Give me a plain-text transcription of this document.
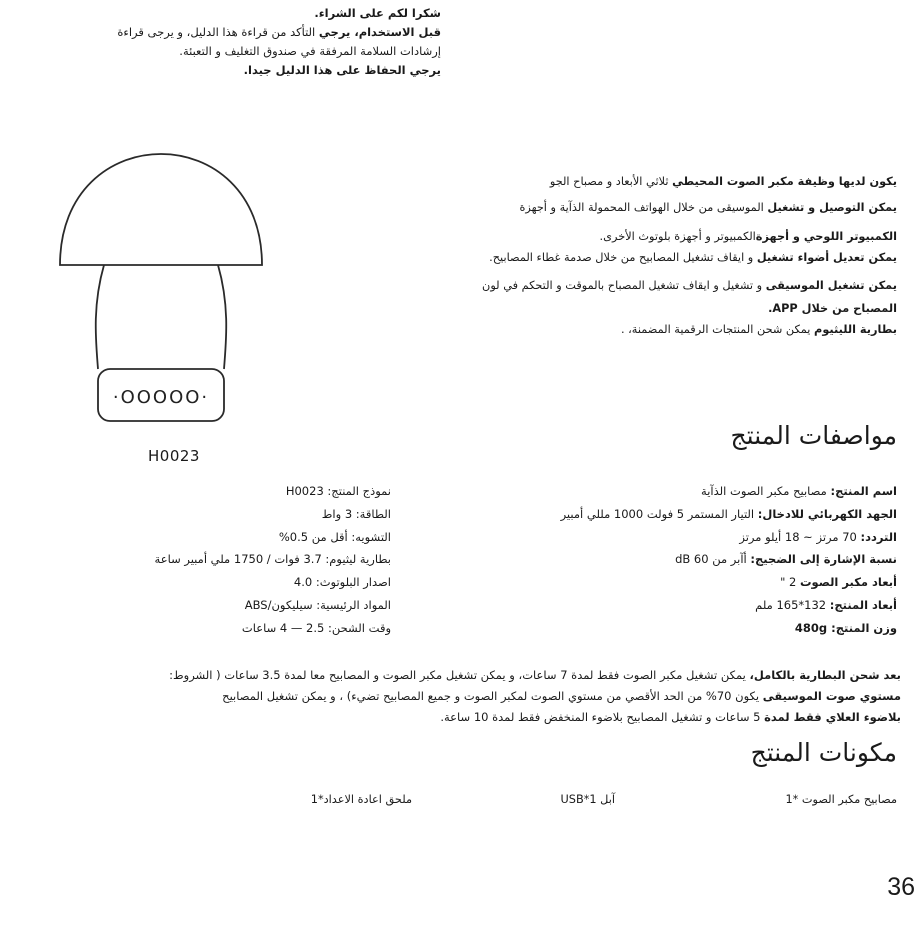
شكرا لكم على الشراء.
قبل الاستخدام، يرجي التأكد من قراءة هذا الدليل، و يرجى قراءة
إرشادات السلامة المرفقة في صندوق التغليف و التعبئة.
يرجي الحفاظ على هذا الدليل جيدا.
·OOOOO·
H0023

يكون لديها وظيفة مكبر الصوت المحيطي ثلاثي الأبعاد و مصباح الجو

يمكن التوصيل و تشغيل الموسيقى من خلال الهواتف المحمولة الذآية و أجهزة

الكمبيوتر اللوحي و أجهزةالكمبيوتر و أجهزة بلوتوث الأخرى.

يمكن تعديل أضواء تشغيل و ايقاف تشغيل المصابيح من خلال صدمة غطاء المصابيح.

يمكن تشغيل الموسيقى و تشغيل و ايقاف تشغيل المصباح بالموقت و التحكم في لون

المصباح من خلال APP.

بطارية الليثيوم يمكن شحن المنتجات الرقمية المضمنة، .

مواصفات المنتج
اسم المنتج: مصابيح مكبر الصوت الذآية
الجهد الكهربائي للادخال: التيار المستمر 5 فولت 1000 مللي أمبير
التردد: 70 مرتز ~ 18 أيلو مرتز
نسبة الإشارة إلى الضجيج: أآبر من 60 dB
أبعاد مكبر الصوت 2 "
أبعاد المنتج: 132*165 ملم
وزن المنتج: 480g
نموذج المنتج: H0023
الطاقة: 3 واط
التشويه: أقل من 0.5%
بطارية ليثيوم: 3.7 فوات / 1750 ملي أمبير ساعة
اصدار البلوتوث: 4.0
المواد الرئيسية: سيليكون/ABS
وقت الشحن: 2.5 — 4 ساعات
بعد شحن البطارية بالكامل، يمكن تشغيل مكبر الصوت فقط لمدة 7 ساعات، و يمكن تشغيل مكبر الصوت و المصابيح معا لمدة 3.5 ساعات ( الشروط:
مستوي صوت الموسيقى يكون 70% من الحد الأقصي من مستوي الصوت لمكبر الصوت و جميع المصابيح تضيء) ، و يمكن تشغيل المصابيح
بلاضوء العلاي فقط لمدة 5 ساعات و تشغيل المصابيح بلاضوء المنخفض فقط لمدة 10 ساعة.
مكونات المنتج
مصابيح مكبر الصوت *1
آبل USB*1
ملحق اعادة الاعداد*1
36
